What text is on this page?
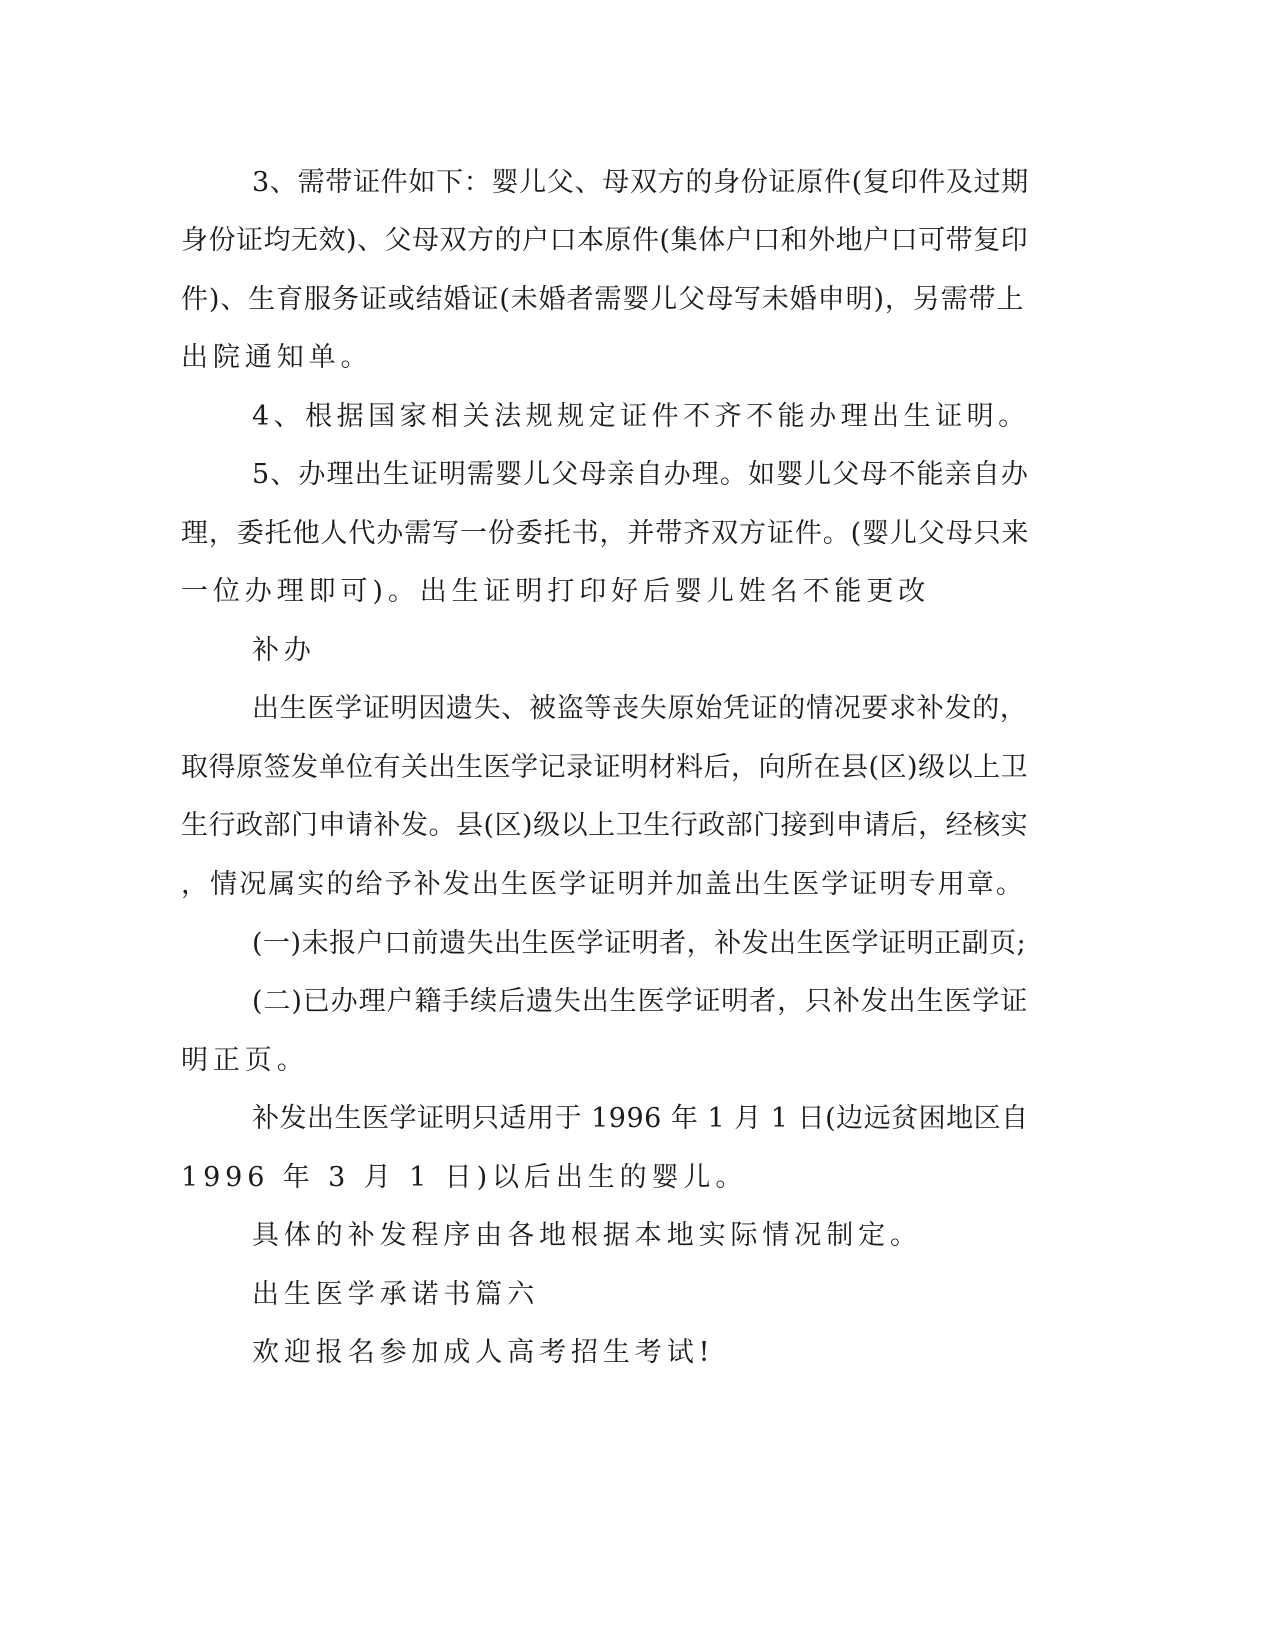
3、需带证件如下：婴儿父、母双方的身份证原件(复印件及过期
身份证均无效)、父母双方的户口本原件(集体户口和外地户口可带复印
件)、生育服务证或结婚证(未婚者需婴儿父母写未婚申明)，另需带上
出院通知单。
4、根据国家相关法规规定证件不齐不能办理出生证明。
5、办理出生证明需婴儿父母亲自办理。如婴儿父母不能亲自办
理，委托他人代办需写一份委托书，并带齐双方证件。(婴儿父母只来
一位办理即可)。出生证明打印好后婴儿姓名不能更改
补办
出生医学证明因遗失、被盗等丧失原始凭证的情况要求补发的，
取得原签发单位有关出生医学记录证明材料后，向所在县(区)级以上卫
生行政部门申请补发。县(区)级以上卫生行政部门接到申请后，经核实
，情况属实的给予补发出生医学证明并加盖出生医学证明专用章。
(一)未报户口前遗失出生医学证明者，补发出生医学证明正副页;
(二)已办理户籍手续后遗失出生医学证明者，只补发出生医学证
明正页。
补发出生医学证明只适用于 1996 年 1 月 1 日(边远贫困地区自
1996 年 3 月 1 日)以后出生的婴儿。
具体的补发程序由各地根据本地实际情况制定。
出生医学承诺书篇六
欢迎报名参加成人高考招生考试!
